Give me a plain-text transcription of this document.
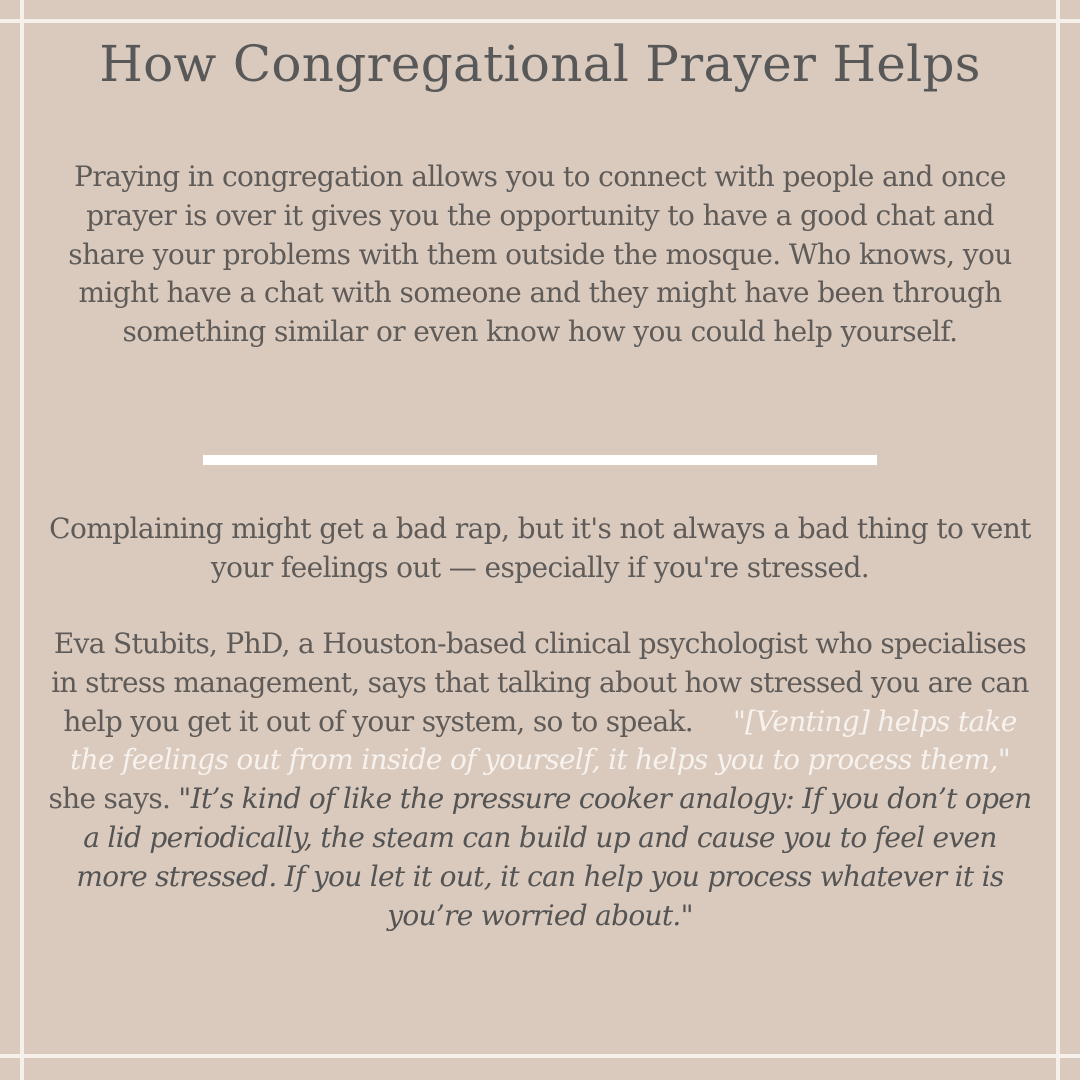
How Congregational Prayer Helps

Praying in congregation allows you to connect with people and once prayer is over it gives you the opportunity to have a good chat and share your problems with them outside the mosque. Who knows, you might have a chat with someone and they might have been through something similar or even know how you could help yourself.

Complaining might get a bad rap, but it's not always a bad thing to vent your feelings out — especially if you're stressed.

Eva Stubits, PhD, a Houston-based clinical psychologist who specialises in stress management, says that talking about how stressed you are can help you get it out of your system, so to speak. "[Venting] helps take the feelings out from inside of yourself, it helps you to process them," she says. "It’s kind of like the pressure cooker analogy: If you don’t open a lid periodically, the steam can build up and cause you to feel even more stressed. If you let it out, it can help you process whatever it is you’re worried about."
